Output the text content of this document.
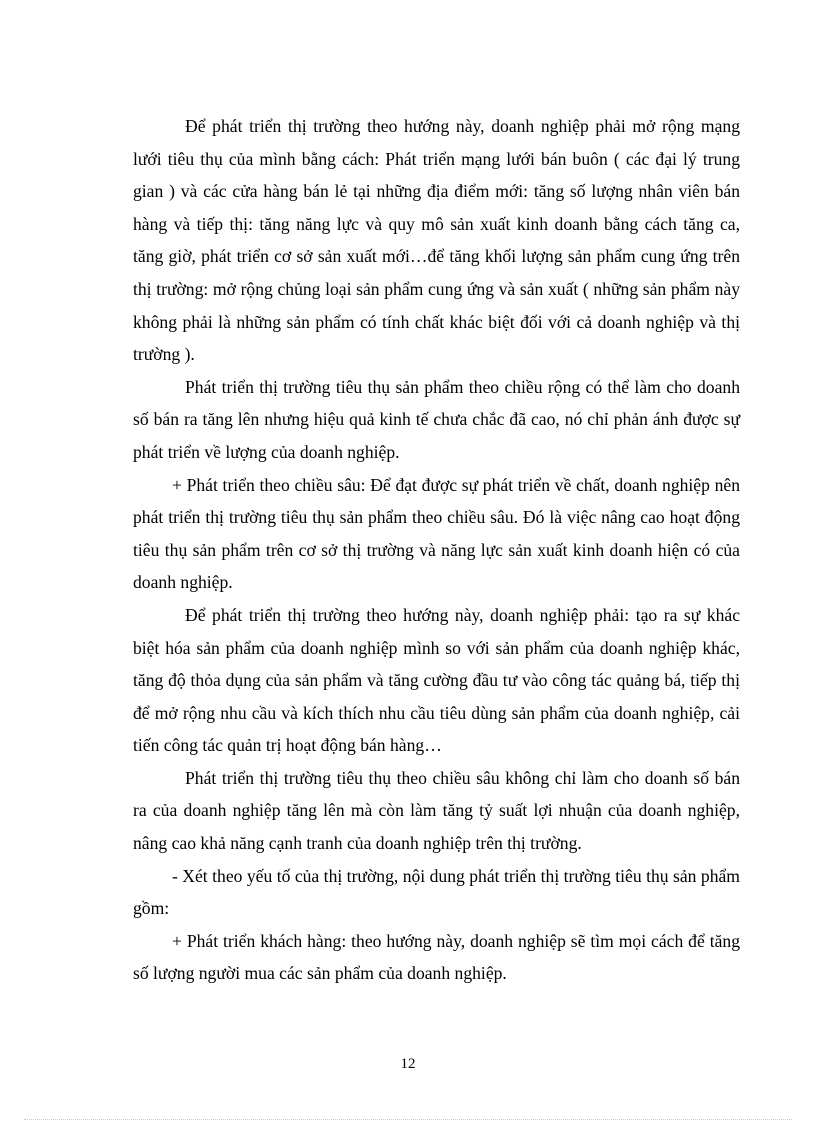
Để phát triển thị trường theo hướng này, doanh nghiệp phải mở rộng mạng lưới tiêu thụ của mình bằng cách: Phát triển mạng lưới bán buôn ( các đại lý trung gian ) và các cửa hàng bán lẻ tại những địa điểm mới: tăng số lượng nhân viên bán hàng và tiếp thị: tăng năng lực và quy mô sản xuất kinh doanh bằng cách tăng ca, tăng giờ, phát triển cơ sở sản xuất mới…để tăng khối lượng sản phẩm cung ứng trên thị trường: mở rộng chủng loại sản phẩm cung ứng và sản xuất ( những sản phẩm này không phải là những sản phẩm có tính chất khác biệt đối với cả doanh nghiệp và thị trường ).

Phát triển thị trường tiêu thụ sản phẩm theo chiều rộng có thể làm cho doanh số bán ra tăng lên nhưng hiệu quả kinh tế chưa chắc đã cao, nó chỉ phản ánh được sự phát triển về lượng của doanh nghiệp.

+ Phát triển theo chiều sâu: Để đạt được sự phát triển về chất, doanh nghiệp nên phát triển thị trường tiêu thụ sản phẩm theo chiều sâu. Đó là việc nâng cao hoạt động tiêu thụ sản phẩm trên cơ sở thị trường và năng lực sản xuất kinh doanh hiện có của doanh nghiệp.

Để phát triển thị trường theo hướng này, doanh nghiệp phải: tạo ra sự khác biệt hóa sản phẩm của doanh nghiệp mình so với sản phẩm của doanh nghiệp khác, tăng độ thỏa dụng của sản phẩm và tăng cường đầu tư vào công tác quảng bá, tiếp thị để mở rộng nhu cầu và kích thích nhu cầu tiêu dùng sản phẩm của doanh nghiệp, cải tiến công tác quản trị hoạt động bán hàng…

Phát triển thị trường tiêu thụ theo chiều sâu không chỉ làm cho doanh số bán ra của doanh nghiệp tăng lên mà còn làm tăng tỷ suất lợi nhuận của doanh nghiệp, nâng cao khả năng cạnh tranh của doanh nghiệp trên thị trường.

- Xét theo yếu tố của thị trường, nội dung phát triển thị trường tiêu thụ sản phẩm gồm:

+ Phát triển khách hàng: theo hướng này, doanh nghiệp sẽ tìm mọi cách để tăng số lượng người mua các sản phẩm của doanh nghiệp.

12
